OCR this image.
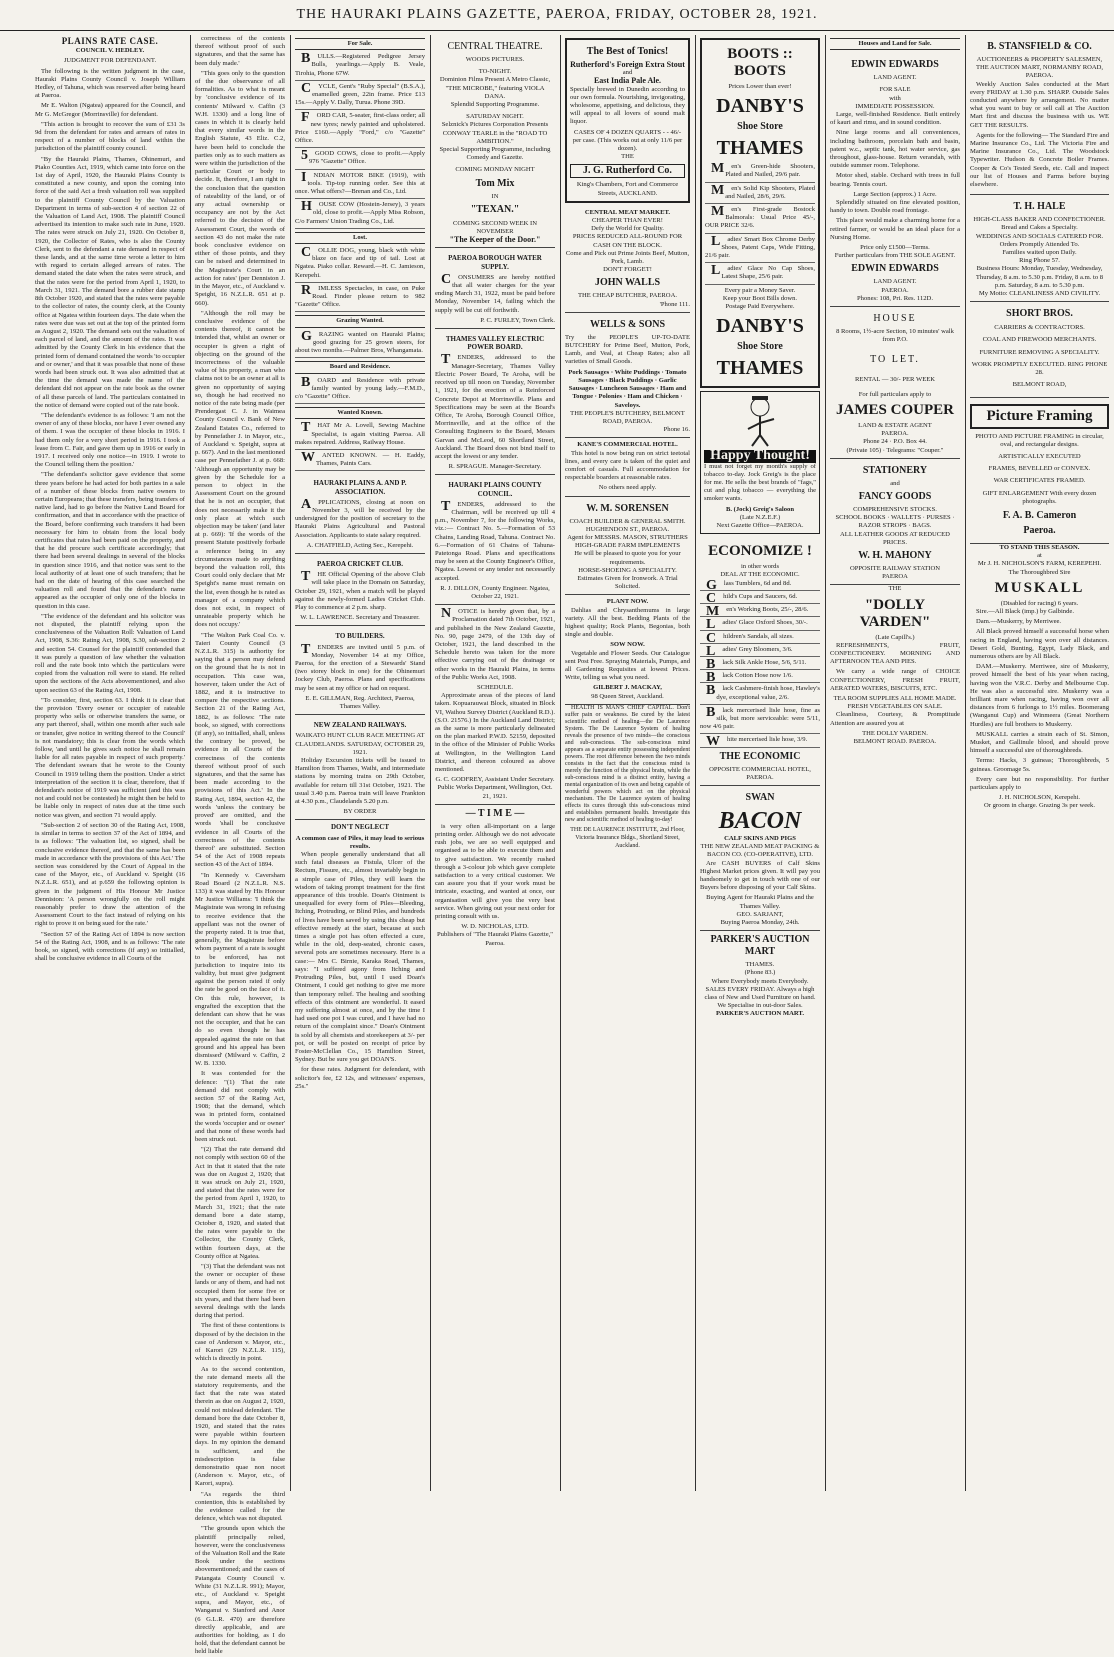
THE HAURAKI PLAINS GAZETTE, PAEROA, FRIDAY, OCTOBER 28, 1921.
PLAINS RATE CASE.
COUNCIL V. HEDLEY.
JUDGMENT FOR DEFENDANT.

The following is the written judgment in the case, Hauraki Plains County Council v. Joseph William Hedley, of Tahuna, which was reserved after being heard at Paeroa.

Mr E. Walton (Ngatea) appeared for the Council, and Mr G. McGregor (Morrinsville) for defendant.

"This action is brought to recover the sum of £31 3s 9d from the defendant for rates and arrears of rates in respect of a number of blocks of land within the jurisdiction of the plaintiff county council.

"By the Hauraki Plains, Thames, Ohinemuri, and Piako Counties Act, 1919, which came into force on the 1st day of April, 1920, the Hauraki Plains County is constituted a new county, and upon the coming into force of the said Act a fresh valuation roll was supplied to the plaintiff County Council by the Valuation Department in terms of sub-section 4 of section 22 of the Valuation of Land Act, 1908. The plaintiff Council advertised its intention to make such rate in June, 1920. The rates were struck on July 21, 1920. On October 8, 1920, the Collector of Rates, who is also the County Clerk, sent to the defendant a rate demand in respect of these lands, and at the same time wrote a letter to him with regard to certain alleged arrears of rates. The demand stated the date when the rates were struck, and that the rates were for the period from April 1, 1920, to March 31, 1921. The demand bore a rubber date stamp 8th October 1920, and stated that the rates were payable to the collector of rates, the county clerk, at the County office at Ngatea within fourteen days. The date when the rates were due was set out at the top of the printed form as August 2, 1920. The demand sets out the valuation of each parcel of land, and the amount of the rates. It was admitted by the County Clerk in his evidence that the printed form of demand contained the words 'to occupier and or owner,' and that it was possible that none of these words had been struck out. It was also admitted that at the time the demand was made the name of the defendant did not appear on the rate book as the owner of all these parcels of land. The particulars contained in the notice of demand were copied out of the rate book.

"The defendant's evidence is as follows: 'I am not the owner of any of these blocks, nor have I ever owned any of them. I was the occupier of these blocks in 1916. I had them only for a very short period in 1916. I took a lease from C. Fair, and gave them up in 1916 or early in 1917. I received only one notice—in 1919. I wrote to the Council telling them the position.'

"The defendant's solicitor gave evidence that some three years before he had acted for both parties in a sale of a number of these blocks from native owners to certain Europeans; that these transfers, being transfers of native land, had to go before the Native Land Board for confirmation, and that in accordance with the practice of the Board, before confirming such transfers it had been necessary for him to obtain from the local body certificates that rates had been paid on the property, and that he did procure such certificate accordingly; that there had been several dealings in several of the blocks in question since 1916, and that notice was sent to the local authority of at least one of such transfers; that he had on the date of hearing of this case searched the valuation roll and found that the defendant's name appeared as the occupier of only one of the blocks in question in this case.

"The evidence of the defendant and his solicitor was not disputed, the plaintiff relying upon the conclusiveness of the Valuation Roll: Valuation of Land Act, 1908, S.36: Rating Act, 1908, S.30, sub-section 2 and section 54. Counsel for the plaintiff contended that it was purely a question of law whether the valuation roll and the rate book into which the particulars were copied from the valuation roll were to stand. He relied upon the sections of the Acts abovementioned, and also upon section 63 of the Rating Act, 1908.

"To consider, first, section 63. I think it is clear that the provision 'Every owner or occupier of rateable property who sells or otherwise transfers the same, or any part thereof, shall, within one month after such sale or transfer, give notice in writing thereof to the Council' is not mandatory; this is clear from the words which follow, 'and until he gives such notice he shall remain liable for all rates payable in respect of such property.' The defendant swears that he wrote to the County Council in 1919 telling them the position. Under a strict interpretation of the section it is clear, therefore, that if defendant's notice of 1919 was sufficient (and this was not and could not be contested) he might then be held to be liable only in respect of rates due at the time such notice was given, and section 71 would apply.

"Sub-section 2 of section 30 of the Rating Act, 1908, is similar in terms to section 37 of the Act of 1894, and is as follows: 'The valuation list, so signed, shall be conclusive evidence thereof, and that the same has been made in accordance with the provisions of this Act.' The section was considered by the Court of Appeal in the case of the Mayor, etc., of Auckland v. Speight (16 N.Z.L.R. 651), and at p.659 the following opinion is given in the judgment of His Honour Mr Justice Denniston: 'A person wrongfully on the roll might reasonably prefer to draw the attention of the Assessment Court to the fact instead of relying on his right to prove it on being sued for the rate.'

"Section 57 of the Rating Act of 1894 is now section 54 of the Rating Act, 1908, and is as follows: 'The rate book, so signed, with corrections (if any) so initialled, shall be conclusive evidence in all Courts of the

correctness of the contents thereof without proof of such signatures, and that the same has been duly made.'

"This goes only to the question of the due observance of all formalities. As to what is meant by 'conclusive evidence of its contents' Milward v. Caffin (3 W.H. 1330) and a long line of cases in which it is clearly held that every similar words in the English Statute, 43 Eliz. C.2, have been held to conclude the parties only as to such matters as were within the jurisdiction of the particular Court or body to decide. It, therefore, I am right in the conclusion that the question of rateability of the land, or of any actual ownership or occupancy are not by the Act referred to the decision of the Assessment Court, the words of section 43 do not make the rate book conclusive evidence on either of those points, and they can be raised and determined in the Magistrate's Court in an action for rates' (per Denniston J. in the Mayor, etc., of Auckland v. Speight, 16 N.Z.L.R. 651 at p. 660).

"Although the roll may be conclusive evidence of the contents thereof, it cannot be intended that, whilst an owner or occupier is given a right of objecting on the ground of the incorrectness of the valuable value of his property, a man who claims not to be an owner at all is given no opportunity of saying so, though he had received no notice of the rate being made (per Prendergast C. J. in Waimea County Council v. Bank of New Zealand Estates Co., referred to by Pennefather J. in Mayor, etc., of Auckland v. Speight, supra at p. 667). And in the last mentioned case per Pennefather J. at p. 668: 'Although an opportunity may be given by the Schedule for a person to object in the Assessment Court on the ground that he is not an occupier, that does not necessarily make it the only place at which such objection may be taken' (and later at p. 669): 'If the words of the present Statute positively forbade a reference being in any circumstances made to anything beyond the valuation roll, this Court could only declare that Mr Speight's name must remain on the list, even though he is rated as manager of a company which does not exist, in respect of unrateable property which he does not occupy.'

"The Walton Park Coal Co. v. Taieri County Council (3 N.Z.L.R. 315) is authority for saying that a person may defend on the ground that he is not in occupation. This case was, however, taken under the Act of 1882, and it is instructive to compare the respective sections. Section 21 of the Rating Act, 1882, is as follows: 'The rate book, so signed, with corrections (if any), so initialled, shall, unless the contrary be proved, be evidence in all Courts of the correctness of the contents thereof without proof of such signatures, and that the same has been made according to the provisions of this Act.' In the Rating Act, 1894, section 42, the words 'unless the contrary be proved' are omitted, and the words 'shall be conclusive evidence in all Courts of the correctness of the contents thereof' are substituted. Section 54 of the Act of 1908 repeats section 43 of the Act of 1894.

"In Kennedy v. Caversham Road Board (2 N.Z.L.R. N.S. 133) it was stated by His Honour Mr Justice Williams: 'I think the Magistrate was wrong in refusing to receive evidence that the appellant was not the owner of the property rated. It is true that, generally, the Magistrate before whom payment of a rate is sought to be enforced, has not jurisdiction to inquire into its validity, but must give judgment against the person rated if only the rate be good on the face of it. On this rule, however, is engrafted the exception that the defendant can show that he was not the occupier, and that he can do so even though he has appealed against the rate on that ground and his appeal has been dismissed' (Milward v. Caffin, 2 W. B. 1330.

It was contended for the defence: "(1) That the rate demand did not comply with section 57 of the Rating Act, 1908; that the demand, which was in printed form, contained the words 'occupier and or owner' and that none of these words had been struck out.

"(2) That the rate demand did not comply with section 60 of the Act in that it stated that the rate was due on August 2, 1920; that it was struck on July 21, 1920, and stated that the rates were for the period from April 1, 1920, to March 31, 1921; that the rate demand bore a date stamp, October 8, 1920, and stated that the rates were payable to the Collector, the County Clerk, within fourteen days, at the County office at Ngatea.

"(3) That the defendant was not the owner or occupier of these lands or any of them, and had not occupied them for some five or six years, and that there had been several dealings with the lands during that period.

The first of these contentions is disposed of by the decision in the case of Anderson v. Mayor, etc., of Karori (29 N.Z.L.R. 115), which is directly in point.

As to the second contention, the rate demand meets all the statutory requirements, and the fact that the rate was stated therein as due on August 2, 1920, could not mislead defendant. The demand bore the date October 8, 1920, and stated that the rates were payable within fourteen days. In my opinion the demand is sufficient, and the misdescription is false demonstratio quae non nocet (Anderson v. Mayor, etc., of Karori, supra).

"As regards the third contention, this is established by the evidence called for the defence, which was not disputed.

"The grounds upon which the plaintiff principally relied, however, were the conclusiveness of the Valuation Roll and the Rate Book under the sections abovementioned; and the cases of Patangata County Council v. White (31 N.Z.L.R. 991); Mayor, etc., of Auckland v. Speight supra, and Mayor, etc., of Wanganui v. Stanford and Anor (6 G.L.R. 470) are therefore directly applicable, and are authorities for holding, as I do hold, that the defendant cannot be held liable

For Sale.

BULLS.—Registered Pedigree Jersey Bulls, yearlings.—Apply B. Veale, Tirohia, Phone 67W.

CYCLE, Gent's "Ruby Special" (B.S.A.), enamelled green, 22in frame. Price £13 15s.—Apply V. Dally, Turua. Phone 39D.

FORD CAR, 5-seater, first-class order; all new tyres; newly painted and upholstered. Price £160.—Apply "Ford," c/o "Gazette" Office.

5GOOD COWS, close to profit.—Apply 976 "Gazette" Office.

INDIAN MOTOR BIKE (1919), with tools. Tip-top running order. See this at once. What offers?—Brenan and Co., Ltd.

HOUSE COW (Hostein-Jersey), 3 years old, close to profit.—Apply Miss Robson, C/o Farmers' Union Trading Co., Ltd.

Lost.

COLLIE DOG, young, black with white blaze on face and tip of tail. Lost at Ngatea. Piako collar. Reward.—H. C. Jamieson, Kerepehi.

RIMLESS Spectacles, in case, on Puke Road. Finder please return to 982 "Gazette" Office.

Grazing Wanted.

GRAZING wanted on Hauraki Plains; good grazing for 25 grown steers, for about two months.—Palmer Bros, Whangamata.

Board and Residence.

BOARD and Residence with private family wanted by young lady.—F.M.D., c/o "Gazette" Office.

Wanted Known.

THAT Mr A. Lovell, Sewing Machine Specialist, is again visiting Paeroa. All makes repaired. Address, Railway House.

WANTED KNOWN. — H. Eaddy, Thames, Paints Cars.

HAURAKI PLAINS A. AND P. ASSOCIATION.

APPLICATIONS, closing at noon on November 3, will be received by the undersigned for the position of secretary to the Hauraki Plains Agricultural and Pastoral Association. Applicants to state salary required.

A. CHATFIELD, Acting Sec., Kerepehi.
PAEROA CRICKET CLUB.

THE Official Opening of the above Club will take place in the Domain on Saturday, October 29, 1921, when a match will be played against the newly-formed Ladies Cricket Club. Play to commence at 2 p.m. sharp.

W. L. LAWRENCE. Secretary and Treasurer.
TO BUILDERS.

TENDERS are invited until 5 p.m. of Monday, November 14 at my Office, Paeroa, for the erection of a Stewards' Stand (two storey block in one) for the Ohinemuri Jockey Club, Paeroa. Plans and specifications may be seen at my office or had on request.

E. E. GILLMAN, Reg. Architect, Paeroa, Thames Valley.
NEW ZEALAND RAILWAYS.
WAIKATO HUNT CLUB RACE MEETING AT CLAUDELANDS. SATURDAY, OCTOBER 29, 1921.

Holiday Excursion tickets will be issued to Hamilton from Thames, Waihi, and intermediate stations by morning trains on 29th October, available for return till 31st October, 1921. The usual 3.40 p.m. Paeroa train will leave Frankton at 4.30 p.m., Claudelands 5.20 p.m.

BY ORDER
DON'T NEGLECT
A common case of Piles, it may lead to serious results.

When people generally understand that all such fatal diseases as Fistula, Ulcer of the Rectum, Fissure, etc., almost invariably begin in a simple case of Piles, they will learn the wisdom of taking prompt treatment for the first appearance of this trouble. Doan's Ointment is unequalled for every form of Piles—Bleeding, Itching, Protruding, or Blind Piles, and hundreds of lives have been saved by using this cheap but effective remedy at the start, because at such times a single pot has often effected a cure, while in the old, deep-seated, chronic cases, several pots are sometimes necessary. Here is a case:— Mrs C. Birnie, Karaka Road, Thames, says: "I suffered agony from Itching and Protruding Piles, but, until I used Doan's Ointment, I could get nothing to give me more than temporary relief. The healing and soothing effects of this ointment are wonderful. It eased my suffering almost at once, and by the time I had used one pot I was cured, and I have had no return of the complaint since." Doan's Ointment is sold by all chemists and storekeepers at 3/- per pot, or will be posted on receipt of price by Foster-McClellan Co., 15 Hamilton Street, Sydney. But be sure you get DOAN'S.

for these rates. Judgment for defendant, with solicitor's fee, £2 12s, and witnesses' expenses, 25s."

CENTRAL THEATRE.
WOODS PICTURES.
TO-NIGHT.
Dominion Films Present A Metro Classic, "THE MICROBE," featuring VIOLA DANA.
Splendid Supporting Programme.
SATURDAY NIGHT.
Selznick's Pictures Corporation Presents CONWAY TEARLE in the "ROAD TO AMBITION."
Special Supporting Programme, including Comedy and Gazette.
COMING MONDAY NIGHT
Tom Mix
IN
"TEXAN."
COMING SECOND WEEK IN NOVEMBER
"The Keeper of the Door."
PAEROA BOROUGH WATER SUPPLY.

CONSUMERS are hereby notified that all water charges for the year ending March 31, 1922, must be paid before Monday, November 14, failing which the supply will be cut off forthwith.

P. C. FURLEY, Town Clerk.
THAMES VALLEY ELECTRIC POWER BOARD.

TENDERS, addressed to the Manager-Secretary, Thames Valley Electric Power Board, Te Aroha, will be received up till noon on Tuesday, November 1, 1921, for the erection of a Reinforced Concrete Depot at Morrinsville. Plans and Specifications may be seen at the Board's Office, Te Aroha, Borough Council Office, Morrinsville, and at the office of the Consulting Engineers to the Board, Messrs Garvan and McLeod, 60 Shortland Street, Auckland. The Board does not bind itself to accept the lowest or any tender.

R. SPRAGUE. Manager-Secretary.
HAURAKI PLAINS COUNTY COUNCIL.

TENDERS, addressed to the Chairman, will be received up till 4 p.m., November 7, for the following Works, viz.:— Contract No. 5.—Formation of 53 Chains, Landing Road, Tahuna. Contract No. 6.—Formation of 61 Chains of Tahuna-Patetonga Road. Plans and specifications may be seen at the County Engineer's Office, Ngatea. Lowest or any tender not necessarily accepted.

R. J. DILLON, County Engineer. Ngatea, October 22, 1921.

NOTICE is hereby given that, by a Proclamation dated 7th October, 1921, and published in the New Zealand Gazette, No. 90, page 2479, of the 13th day of October, 1921, the land described in the Schedule hereto was taken for the more effective carrying out of the drainage or other works in the Hauraki Plains, in terms of the Public Works Act, 1908.

SCHEDULE.

Approximate areas of the pieces of land taken. Kopuarauwai Block, situated in Block VI, Waihou Survey District (Auckland R.D.). (S.O. 21576.) In the Auckland Land District; as the same is more particularly delineated on the plan marked P.W.D. 52159, deposited in the office of the Minister of Public Works at Wellington, in the Wellington Land District, and thereon coloured as above mentioned.

G. C. GODFREY, Assistant Under Secretary. Public Works Department, Wellington, Oct. 21, 1921.
— T I M E —

is very often all-important on a large printing order. Although we do not advocate rush jobs, we are so well equipped and organised as to be able to execute them and to give satisfaction. We recently rushed through a 3-colour job which gave complete satisfaction to a very critical customer. We can assure you that if your work must be intricate, exacting, and wanted at once, our organisation will give you the very best service. When giving out your next order for printing consult with us.

W. D. NICHOLAS, LTD.
Publishers of "The Hauraki Plains Gazette," Paeroa.
The Best of Tonics!
Rutherford's Foreign Extra Stout
and
East India Pale Ale.

Specially brewed in Dunedin according to our own formula. Nourishing, invigorating, wholesome, appetising, and delicious, they will appeal to all lovers of sound malt liquor.

CASES OF 4 DOZEN QUARTS - - 46/- per case. (This works out at only 11/6 per dozen).
THE
J. G. Rutherford Co.
King's Chambers, Fort and Commerce Streets, AUCKLAND.
CENTRAL MEAT MARKET.
CHEAPER THAN EVER!
Defy the World for Quality.
PRICES REDUCED ALL-ROUND FOR CASH ON THE BLOCK.
Come and Pick out Prime Joints Beef, Mutton, Pork, Lamb.
DON'T FORGET!
JOHN WALLS
THE CHEAP BUTCHER, PAEROA.
'Phone 111.
WELLS & SONS

Try the PEOPLE'S UP-TO-DATE BUTCHERY for Prime Beef, Mutton, Pork, Lamb, and Veal, at Cheap Rates; also all varieties of Small Goods.

Pork Sausages · White Puddings · Tomato Sausages · Black Puddings · Garlic Sausages · Luncheon Sausages · Ham and Tongue · Polonies · Ham and Chicken · Saveloys.
THE PEOPLE'S BUTCHERY, BELMONT ROAD, PAEROA.
Phone 16.
KANE'S COMMERCIAL HOTEL.

This hotel is now being run on strict teetotal lines, and every care is taken of the quiet and comfort of casuals. Full accommodation for respectable boarders at reasonable rates.

No others need apply.
W. M. SORENSEN
COACH BUILDER & GENERAL SMITH.
HUGHENDON ST., PAEROA.
Agent for MESSRS. MASON, STRUTHERS HIGH-GRADE FARM IMPLEMENTS
He will be pleased to quote you for your requirements.
HORSE-SHOEING A SPECIALITY.
Estimates Given for Ironwork. A Trial Solicited.
PLANT NOW.

Dahlias and Chrysanthemums in large variety. All the best. Bedding Plants of the highest quality; Rock Plants, Begonias, both single and double.

SOW NOW.

Vegetable and Flower Seeds. Our Catalogue sent Post Free. Spraying Materials, Pumps, and all Gardening Requisites at lowest Prices. Write, telling us what you need.

GILBERT J. MACKAY,
98 Queen Street, Auckland.

HEALTH IS MAN'S CHIEF CAPITAL. Don't suffer pain or weakness. Be cured by the latest scientific method of healing—the De Laurence System. The De Laurence System of healing reveals the presence of two minds—the conscious and sub-conscious. The sub-conscious mind appears as a separate entity possessing independent powers. The root difference between the two minds consists in the fact that the conscious mind is merely the function of the physical brain, while the sub-conscious mind is a distinct entity, having a mental organization of its own and being capable of wonderful powers which act on the physical mechanism. The De Laurence system of healing effects its cures through this sub-conscious mind and establishes permanent health. Investigate this new and scientific method of healing to-day!

THE DE LAURENCE INSTITUTE, 2nd Floor, Victoria Insurance Bldgs., Shortland Street, Auckland.
BOOTS :: BOOTS
Prices Lower than ever!
DANBY'S
Shoe Store
THAMES

Men's Green-hide Shooters, Plated and Nailed, 29/6 pair.

Men's Solid Kip Shooters, Plated and Nailed, 28/6, 29/6.

Men's First-grade Bostock Balmorals: Usual Price 45/-, OUR PRICE 32/6.

Ladies' Smart Box Chrome Derby Shoes, Patent Caps, Wide Fitting, 21/6 pair.

Ladies' Glace No Cap Shoes, Latest Shape, 25/6 pair.

Every pair a Money Saver.
Keep your Boot Bills down.
Postage Paid Everywhere.
DANBY'S
Shoe Store
THAMES
Happy Thought!

I must not forget my month's supply of tobacco to-day. Jock Greig's is the place for me. He sells the best brands of "fags," cut and plug tobacco — everything the smoker wants.

B. (Jock) Greig's Saloon
(Late N.Z.E.F.)
Next Gazette Office—PAEROA.
ECONOMIZE !
in other words
DEAL AT THE ECONOMIC.

Glass Tumblers, 6d and 8d.

Child's Cups and Saucers, 6d.

Men's Working Boots, 25/-, 28/6.

Ladies' Glace Oxford Shoes, 30/-.

Children's Sandals, all sizes.

Ladies' Grey Bloomers, 3/6.

Black Silk Ankle Hose, 5/6, 5/11.

Black Cotton Hose now 1/6.

Black Cashmere-finish hose, Hawley's dye, exceptional value, 2/6.

Black mercerised lisle hose, fine as silk, but more serviceable: were 5/11, now 4/6 pair.

White mercerised lisle hose, 3/9.

THE ECONOMIC
OPPOSITE COMMERCIAL HOTEL, PAEROA.
SWAN
BACON
CALF SKINS AND PIGS
THE NEW ZEALAND MEAT PACKING & BACON CO. (CO-OPERATIVE), LTD.

Are CASH BUYERS of Calf Skins Highest Market prices given. It will pay you handsomely to get in touch with one of our Buyers before disposing of your Calf Skins.

Buying Agent for Hauraki Plains and the Thames Valley.
GEO. SARJANT,
Buying Paeroa Monday, 24th.
PARKER'S AUCTION MART
THAMES.
(Phone 83.)
Where Everybody meets Everybody.
SALES EVERY FRIDAY. Always a high class of New and Used Furniture on hand.
We Specialise in out-door Sales.
PARKER'S AUCTION MART.
Houses and Land for Sale.
EDWIN EDWARDS
LAND AGENT.
FOR SALE
with
IMMEDIATE POSSESSION.

Large, well-finished Residence. Built entirely of kauri and rimu, and in sound condition.

Nine large rooms and all conveniences, including bathroom, porcelain bath and basin, patent w.c., septic tank, hot water service, gas throughout, glass-house. Return verandah, with outside summer room. Telephone.

Motor shed, stable. Orchard with trees in full bearing. Tennis court.

Large Section (approx.) 1 Acre.

Splendidly situated on fine elevated position, handy to town. Double road frontage.

This place would make a charming home for a retired farmer, or would be an ideal place for a Nursing Home.

Price only £1500—Terms.
Further particulars from THE SOLE AGENT.
EDWIN EDWARDS
LAND AGENT.
PAEROA.
Phones: 108, Pri. Res. 112D.
HOUSE
8 Rooms, 1½-acre Section, 10 minutes' walk from P.O.
TO LET.
RENTAL — 30/- PER WEEK
For full particulars apply to
JAMES COUPER
LAND & ESTATE AGENT
PAEROA.
Phone 24 · P.O. Box 44.
(Private 105) · Telegrams: "Couper."
STATIONERY
and
FANCY GOODS
COMPREHENSIVE STOCKS.
SCHOOL BOOKS · WALLETS · PURSES · RAZOR STROPS · BAGS.
ALL LEATHER GOODS AT REDUCED PRICES.
W. H. MAHONY
OPPOSITE RAILWAY STATION
PAEROA
THE
"DOLLY VARDEN"
(Late Capill's.)

REFRESHMENTS, FRUIT, CONFECTIONERY. MORNING AND AFTERNOON TEA AND PIES.

We carry a wide range of CHOICE CONFECTIONERY, FRESH FRUIT, AERATED WATERS, BISCUITS, ETC.

TEA ROOM SUPPLIES ALL HOME MADE.
FRESH VEGETABLES ON SALE.

Cleanliness, Courtesy, & Promptitude Attention are assured you at

THE DOLLY VARDEN.
BELMONT ROAD. PAEROA.
B. STANSFIELD & CO.
AUCTIONEERS & PROPERTY SALESMEN, THE AUCTION MART, NORMANBY ROAD, PAEROA.

Weekly Auction Sales conducted at the Mart every FRIDAY at 1.30 p.m. SHARP. Outside Sales conducted anywhere by arrangement. No matter what you want to buy or sell call at The Auction Mart first and discuss the business with us. WE GET THE RESULTS.

Agents for the following— The Standard Fire and Marine Insurance Co., Ltd. The Victoria Fire and Marine Insurance Co., Ltd. The Woodstock Typewriter. Hudson & Concrete Boiler Frames. Cooper & Co's Tested Seeds, etc. Call and inspect our list of Houses and Farms before buying elsewhere.

T. H. HALE
HIGH-CLASS BAKER AND CONFECTIONER.
Bread and Cakes a Specialty.
WEDDINGS AND SOCIALS CATERED FOR.
Orders Promptly Attended To.
Families waited upon Daily.
Ring Phone 57.
Business Hours: Monday, Tuesday, Wednesday, Thursday, 8 a.m. to 5.30 p.m. Friday, 8 a.m. to 8 p.m. Saturday, 8 a.m. to 5.30 p.m.
My Motto: CLEANLINESS AND CIVILITY.
SHORT BROS.
CARRIERS & CONTRACTORS.
COAL AND FIREWOOD MERCHANTS.
FURNITURE REMOVING A SPECIALITY.
WORK PROMPTLY EXECUTED. RING PHONE 28.
BELMONT ROAD,
Picture Framing
PHOTO AND PICTURE FRAMING in circular, oval, and rectangular designs.
ARTISTICALLY EXECUTED
FRAMES, BEVELLED or CONVEX.
WAR CERTIFICATES FRAMED.
GIFT ENLARGEMENT With every dozen photographs.
F. A. B. Cameron
Paeroa.
TO STAND THIS SEASON.
at
Mr J. H. NICHOLSON'S FARM, KEREPEHI.
The Thoroughbred Sire
MUSKALL
(Disabled for racing) 6 years.

Sire.—All Black (imp.) by Galbinde.

Dam.—Muskerry, by Merriwee.

All Black proved himself a successful horse when racing in England, having won over all distances. Desert Gold, Bunting, Egypt, Lady Black, and numerous others are by All Black.

DAM.—Muskerry. Merriwee, sire of Muskerry, proved himself the best of his year when racing, having won the V.R.C. Derby and Melbourne Cup. He was also a successful sire. Muskerry was a brilliant mare when racing, having won over all distances from 6 furlongs to 1½ miles. Boomerang (Wanganui Cup) and Winmeera (Great Northern Hurdles) are full brothers to Muskerry.

MUSKALL carries a strain each of St. Simon, Musket, and Gallinule blood, and should prove himself a successful sire of thoroughbreds.

Terms: Hacks, 3 guineas; Thoroughbreds, 5 guineas. Groomage 5s.

Every care but no responsibility. For further particulars apply to

J. H. NICHOLSON, Kerepehi.
Or groom in charge. Grazing 3s per week.
